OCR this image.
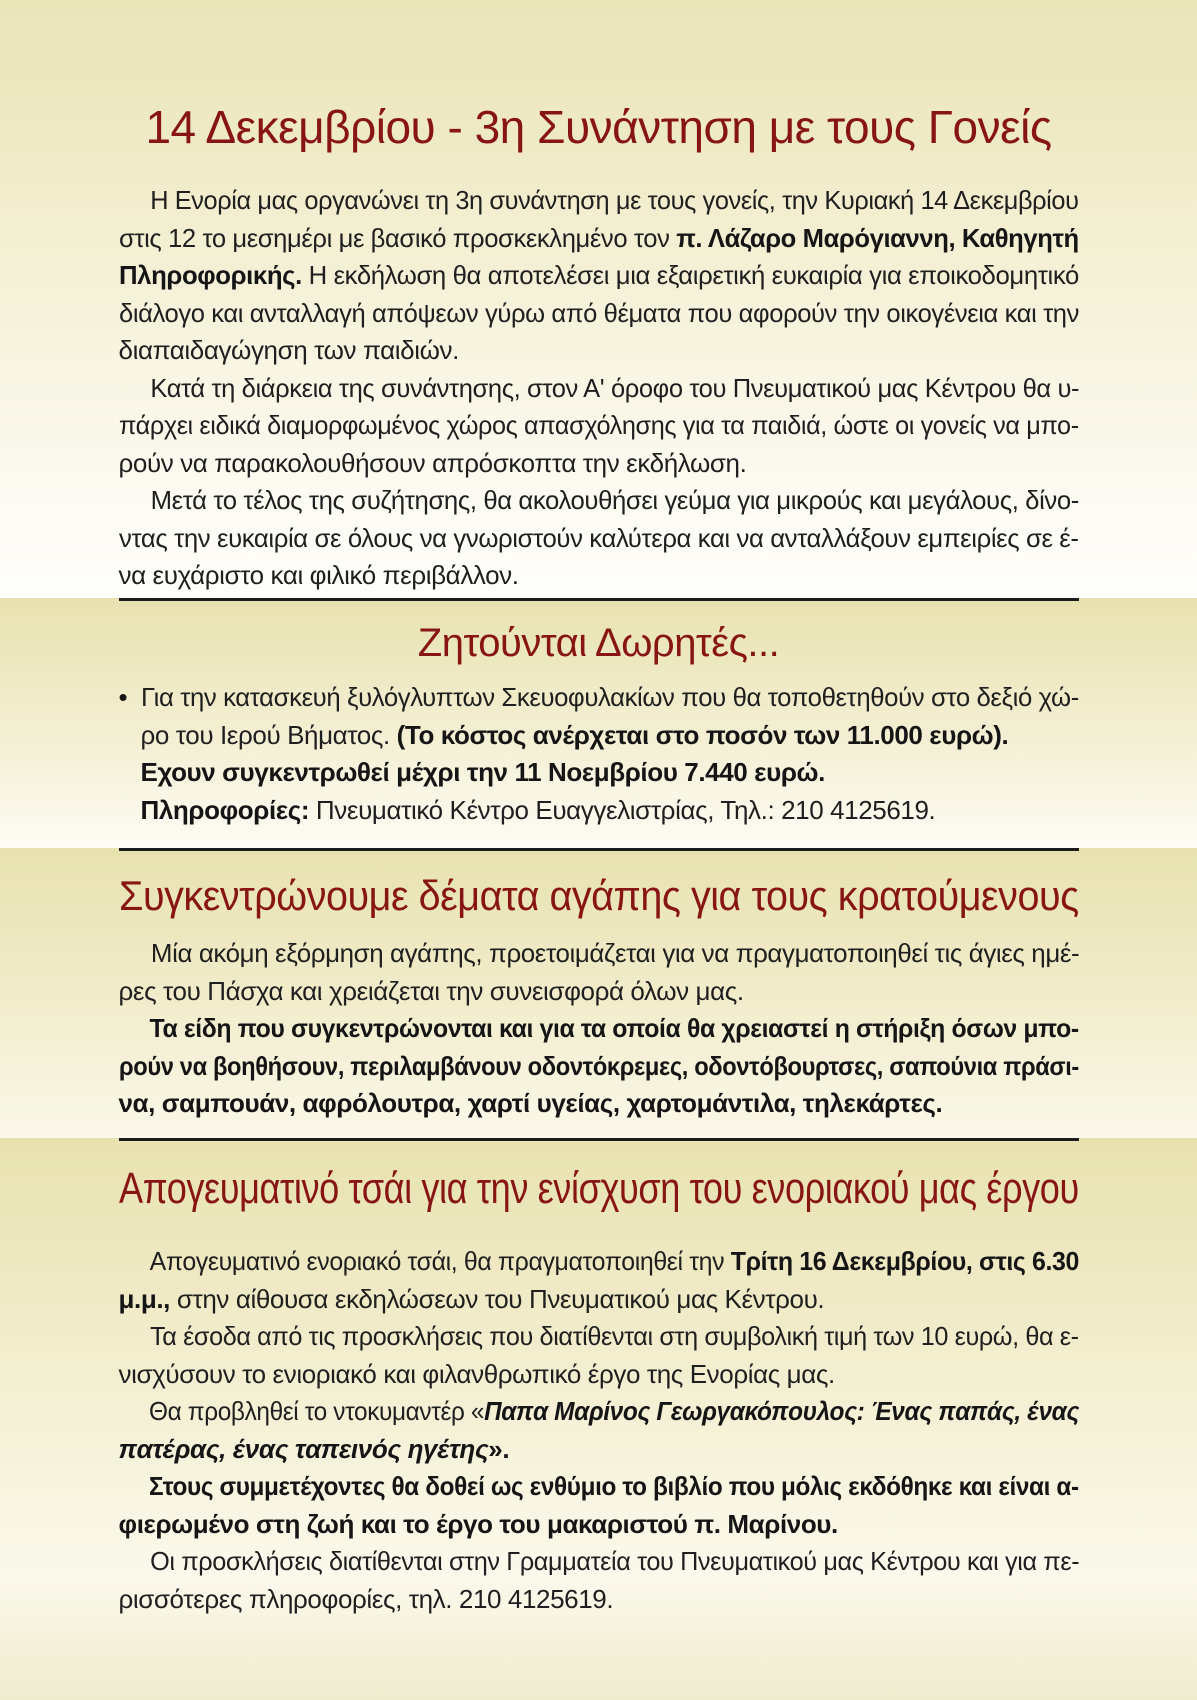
14 Δεκεμβρίου - 3η Συνάντηση με τους Γονείς
Η Ενορία μας οργανώνει τη 3η συνάντηση με τους γονείς, την Κυριακή 14 Δεκεμβρίου
στις 12 το μεσημέρι με βασικό προσκεκλημένο τον π. Λάζαρο Μαρόγιαννη, Καθηγητή
Πληροφορικής. Η εκδήλωση θα αποτελέσει μια εξαιρετική ευκαιρία για εποικοδομητικό
διάλογο και ανταλλαγή απόψεων γύρω από θέματα που αφορούν την οικογένεια και την
διαπαιδαγώγηση των παιδιών.
Κατά τη διάρκεια της συνάντησης, στον Α' όροφο του Πνευματικού μας Κέντρου θα υ-
πάρχει ειδικά διαμορφωμένος χώρος απασχόλησης για τα παιδιά, ώστε οι γονείς να μπο-
ρούν να παρακολουθήσουν απρόσκοπτα την εκδήλωση.
Μετά το τέλος της συζήτησης, θα ακολουθήσει γεύμα για μικρούς και μεγάλους, δίνο-
ντας την ευκαιρία σε όλους να γνωριστούν καλύτερα και να ανταλλάξουν εμπειρίες σε έ-
να ευχάριστο και φιλικό περιβάλλον.
Ζητούνται Δωρητές...
• Για την κατασκευή ξυλόγλυπτων Σκευοφυλακίων που θα τοποθετηθούν στο δεξιό χώ-
ρο του Ιερού Βήματος. (Το κόστος ανέρχεται στο ποσόν των 11.000 ευρώ).
Εχουν συγκεντρωθεί μέχρι την 11 Νοεμβρίου 7.440 ευρώ.
Πληροφορίες: Πνευματικό Κέντρο Ευαγγελιστρίας, Τηλ.: 210 4125619.
Συγκεντρώνουμε δέματα αγάπης για τους κρατούμενους
Μία ακόμη εξόρμηση αγάπης, προετοιμάζεται για να πραγματοποιηθεί τις άγιες ημέ-
ρες του Πάσχα και χρειάζεται την συνεισφορά όλων μας.
Τα είδη που συγκεντρώνονται και για τα οποία θα χρειαστεί η στήριξη όσων μπο-
ρούν να βοηθήσουν, περιλαμβάνουν οδοντόκρεμες, οδοντόβουρτσες, σαπούνια πράσι-
να, σαμπουάν, αφρόλουτρα, χαρτί υγείας, χαρτομάντιλα, τηλεκάρτες.
Απογευματινό τσάι για την ενίσχυση του ενοριακού μας έργου
Απογευματινό ενοριακό τσάι, θα πραγματοποιηθεί την Τρίτη 16 Δεκεμβρίου, στις 6.30
μ.μ., στην αίθουσα εκδηλώσεων του Πνευματικού μας Κέντρου.
Τα έσοδα από τις προσκλήσεις που διατίθενται στη συμβολική τιμή των 10 ευρώ, θα ε-
νισχύσουν το ενιοριακό και φιλανθρωπικό έργο της Ενορίας μας.
Θα προβληθεί το ντοκυμαντέρ «Παπα Μαρίνος Γεωργακόπουλος: Ένας παπάς, ένας
πατέρας, ένας ταπεινός ηγέτης».
Στους συμμετέχοντες θα δοθεί ως ενθύμιο το βιβλίο που μόλις εκδόθηκε και είναι α-
φιερωμένο στη ζωή και το έργο του μακαριστού π. Μαρίνου.
Οι προσκλήσεις διατίθενται στην Γραμματεία του Πνευματικού μας Κέντρου και για πε-
ρισσότερες πληροφορίες, τηλ. 210 4125619.
